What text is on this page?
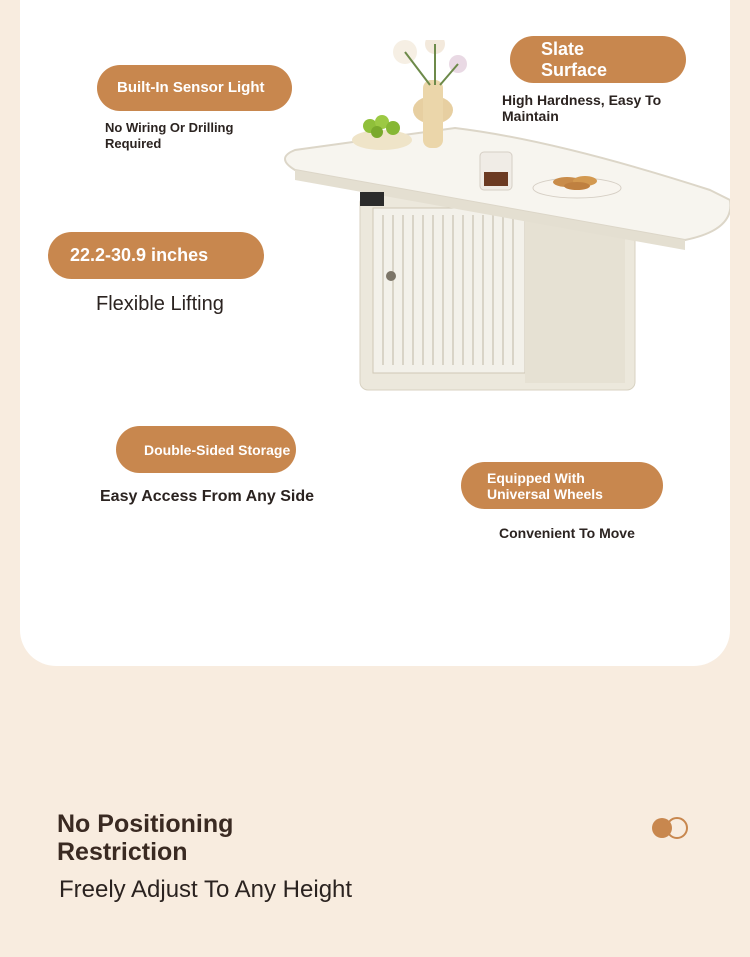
Built-In Sensor Light
No Wiring Or Drilling Required
Slate Surface
High Hardness, Easy To Maintain
22.2-30.9 inches
Flexible Lifting
Double-Sided Storage
Easy Access From Any Side
Equipped With Universal Wheels
Convenient To Move
No Positioning Restriction
Freely Adjust To Any Height
